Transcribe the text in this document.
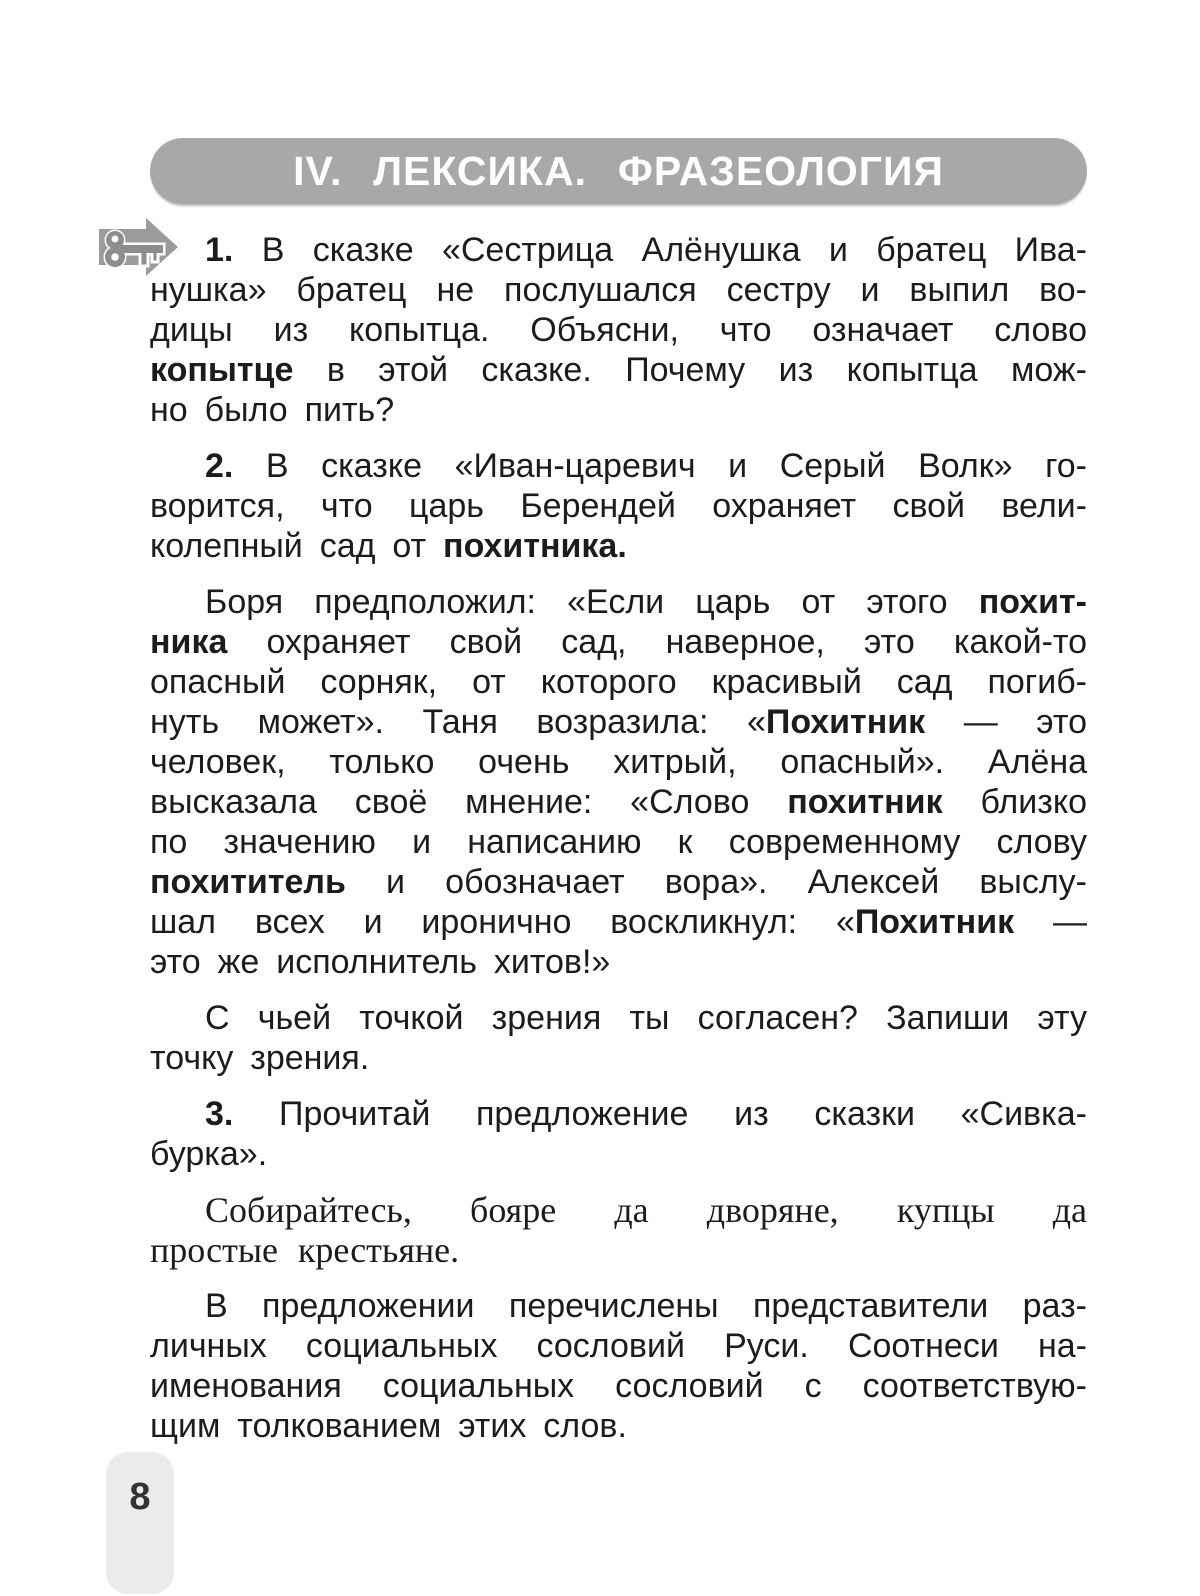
IV. ЛЕКСИКА. ФРАЗЕОЛОГИЯ
1. В сказке «Сестрица Алёнушка и братец Ива-
нушка» братец не послушался сестру и выпил во-
дицы из копытца. Объясни, что означает слово
копытце в этой сказке. Почему из копытца мож-
но было пить?
2. В сказке «Иван-царевич и Серый Волк» го-
ворится, что царь Берендей охраняет свой вели-
колепный сад от похитника.
Боря предположил: «Если царь от этого похит-
ника охраняет свой сад, наверное, это какой-то
опасный сорняк, от которого красивый сад погиб-
нуть может». Таня возразила: «Похитник — это
человек, только очень хитрый, опасный». Алёна
высказала своё мнение: «Слово похитник близко
по значению и написанию к современному слову
похититель и обозначает вора». Алексей выслу-
шал всех и иронично воскликнул: «Похитник —
это же исполнитель хитов!»
С чьей точкой зрения ты согласен? Запиши эту
точку зрения.
3. Прочитай предложение из сказки «Сивка-
бурка».
Собирайтесь, бояре да дворяне, купцы да
простые крестьяне.
В предложении перечислены представители раз-
личных социальных сословий Руси. Соотнеси на-
именования социальных сословий с соответствую-
щим толкованием этих слов.
8
